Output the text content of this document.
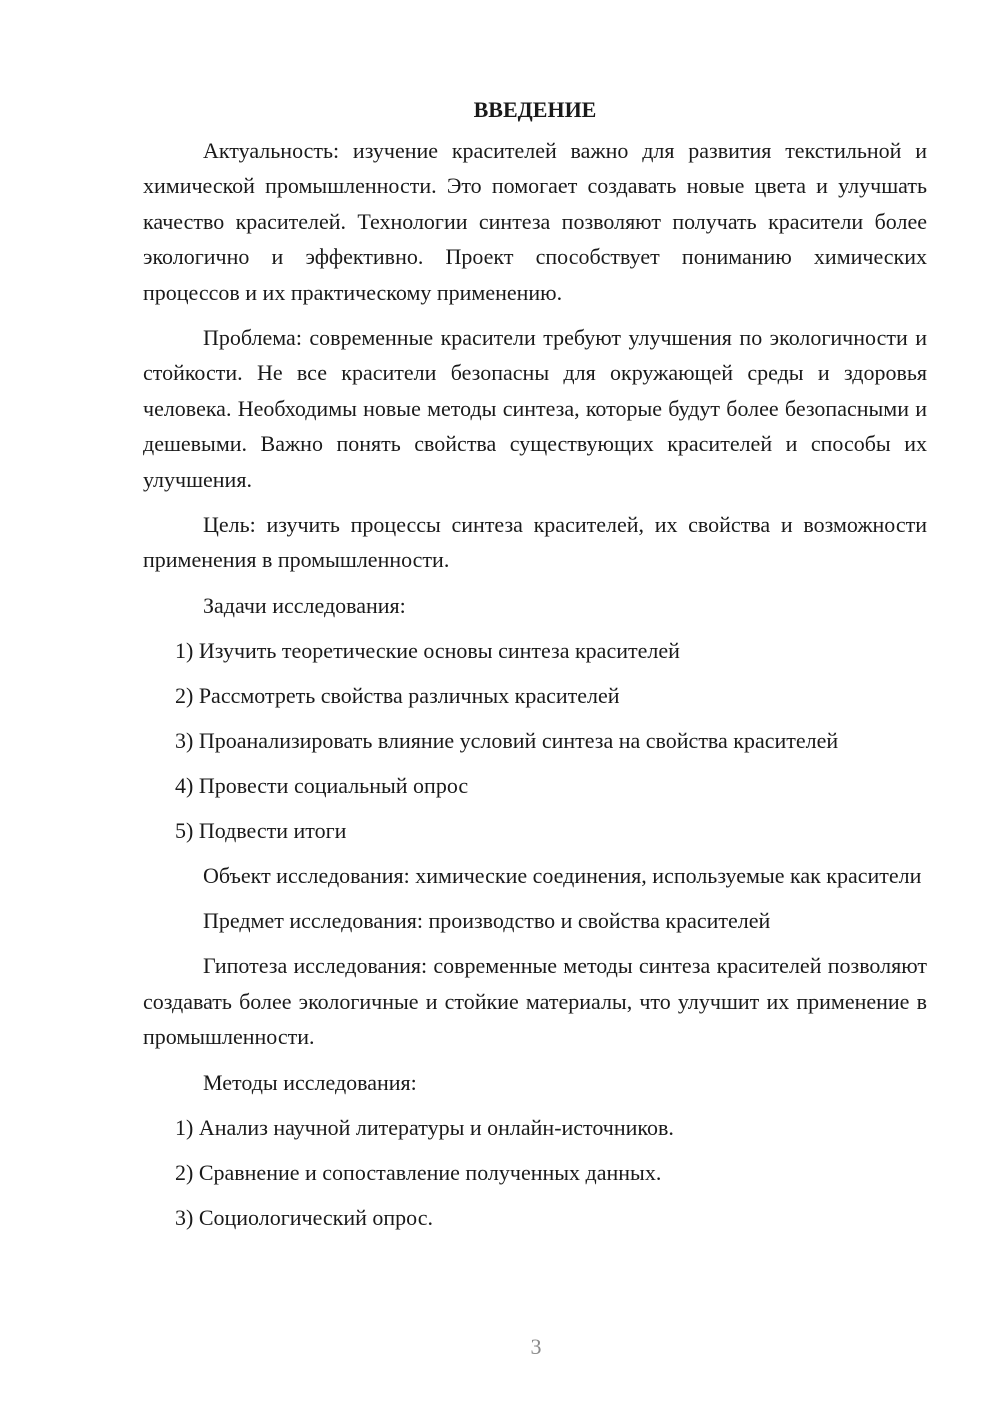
ВВЕДЕНИЕ

Актуальность: изучение красителей важно для развития текстильной и химической промышленности. Это помогает создавать новые цвета и улучшать качество красителей. Технологии синтеза позволяют получать красители более экологично и эффективно. Проект способствует пониманию химических процессов и их практическому применению.

Проблема: современные красители требуют улучшения по экологичности и стойкости. Не все красители безопасны для окружающей среды и здоровья человека. Необходимы новые методы синтеза, которые будут более безопасными и дешевыми. Важно понять свойства существующих красителей и способы их улучшения.

Цель: изучить процессы синтеза красителей, их свойства и возможности применения в промышленности.

Задачи исследования:

1) Изучить теоретические основы синтеза красителей
2) Рассмотреть свойства различных красителей
3) Проанализировать влияние условий синтеза на свойства красителей
4) Провести социальный опрос
5) Подвести итоги

Объект исследования: химические соединения, используемые как красители

Предмет исследования: производство и свойства красителей

Гипотеза исследования: современные методы синтеза красителей позволяют создавать более экологичные и стойкие материалы, что улучшит их применение в промышленности.

Методы исследования:

1) Анализ научной литературы и онлайн-источников.
2) Сравнение и сопоставление полученных данных.
3) Социологический опрос.
3
